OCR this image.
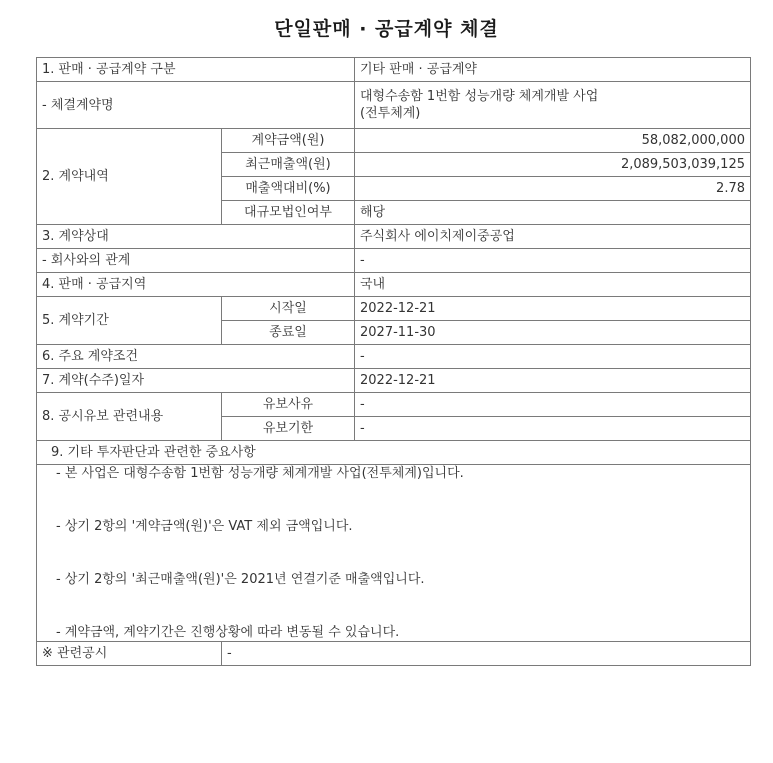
단일판매 · 공급계약 체결
1. 판매 · 공급계약 구분		기타 판매 · 공급계약
- 체결계약명		대형수송함 1번함 성능개량 체계개발 사업
(전투체계)

2. 계약내역	계약금액(원)	58,082,000,000
	최근매출액(원)	2,089,503,039,125
	매출액대비(%)	2.78
	대규모법인여부	해당
3. 계약상대		주식회사 에이치제이중공업
- 회사와의 관계		-
4. 판매 · 공급지역		국내
5. 계약기간	시작일	2022-12-21
	종료일	2027-11-30
6. 주요 계약조건		-
7. 계약(수주)일자		2022-12-21
8. 공시유보 관련내용	유보사유	-
	유보기한	-
9. 기타 투자판단과 관련한 중요사항		

- 본 사업은 대형수송함 1번함 성능개량 체계개발 사업(전투체계)입니다.
- 상기 2항의 '계약금액(원)'은 VAT 제외 금액입니다.
- 상기 2항의 '최근매출액(원)'은 2021년 연결기준 매출액입니다.
- 계약금액, 계약기간은 진행상황에 따라 변동될 수 있습니다.		

※ 관련공시	-	
